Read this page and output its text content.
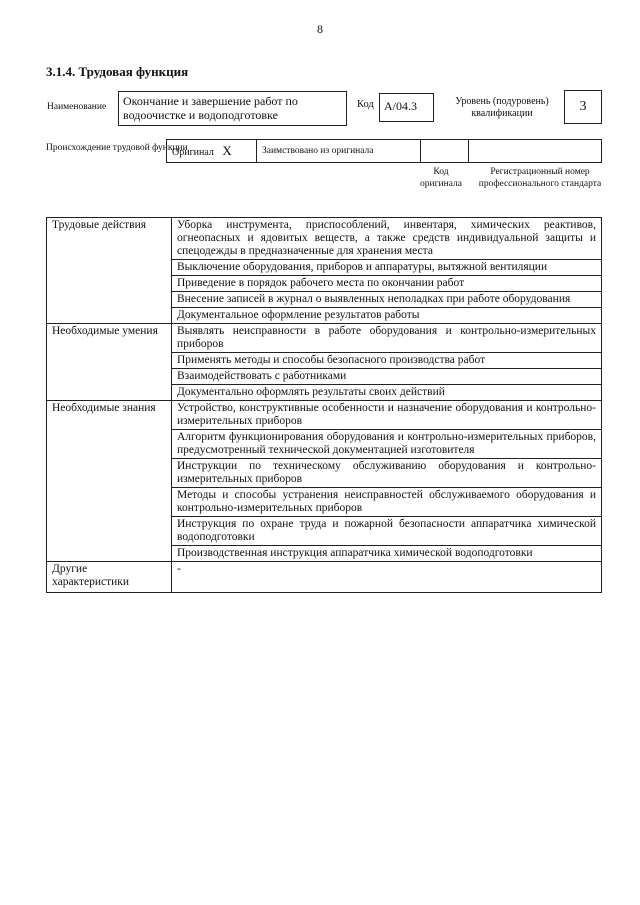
8
3.1.4. Трудовая функция
Наименование	Окончание и завершение работ по водоочистке и водоподготовке
Код А/04.3	Уровень (подуровень) квалификации	3
Происхождение трудовой функции
Оригинал X	Заимствовано из оригинала
Код оригинала
Регистрационный номер профессионального стандарта
Трудовые действия	Уборка инструмента, приспособлений, инвентаря, химических реактивов, огнеопасных и ядовитых веществ, а также средств индивидуальной защиты и спецодежды в предназначенные для хранения места
	Выключение оборудования, приборов и аппаратуры, вытяжной вентиляции
	Приведение в порядок рабочего места по окончании работ
	Внесение записей в журнал о выявленных неполадках при работе оборудования
	Документальное оформление результатов работы
Необходимые умения	Выявлять неисправности в работе оборудования и контрольно-измерительных приборов
	Применять методы и способы безопасного производства работ
	Взаимодействовать с работниками
	Документально оформлять результаты своих действий
Необходимые знания	Устройство, конструктивные особенности и назначение оборудования и контрольно-измерительных приборов
	Алгоритм функционирования оборудования и контрольно-измерительных приборов, предусмотренный технической документацией изготовителя
	Инструкции по техническому обслуживанию оборудования и контрольно-измерительных приборов
	Методы и способы устранения неисправностей обслуживаемого оборудования и контрольно-измерительных приборов
	Инструкция по охране труда и пожарной безопасности аппаратчика химической водоподготовки
	Производственная инструкция аппаратчика химической водоподготовки
Другие характеристики	-
